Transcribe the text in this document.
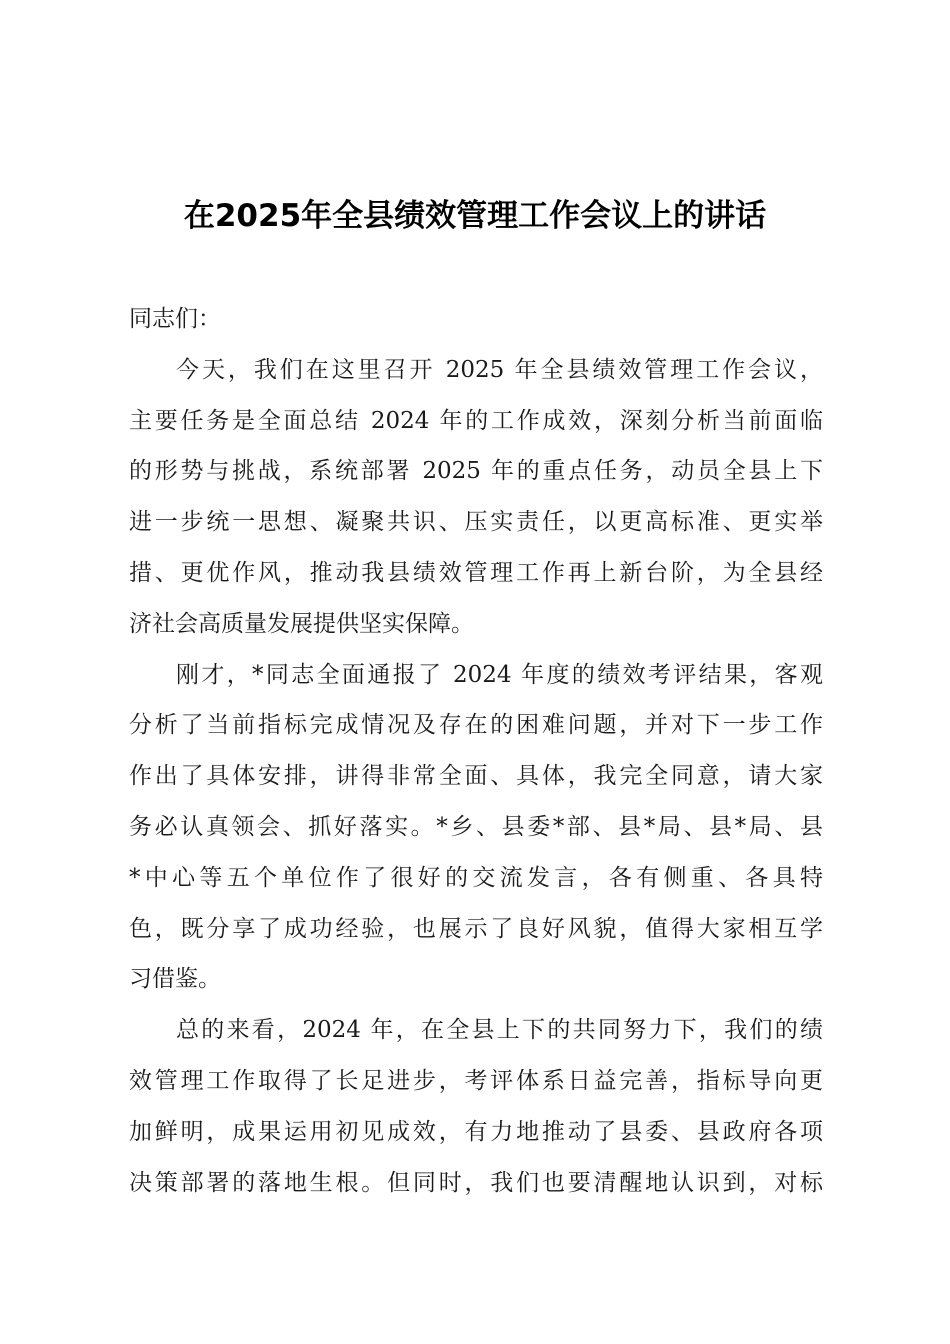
在2025年全县绩效管理工作会议上的讲话
同志们：
今天，我们在这里召开 2025 年全县绩效管理工作会议，
主要任务是全面总结 2024 年的工作成效，深刻分析当前面临
的形势与挑战，系统部署 2025 年的重点任务，动员全县上下
进一步统一思想、凝聚共识、压实责任，以更高标准、更实举
措、更优作风，推动我县绩效管理工作再上新台阶，为全县经
济社会高质量发展提供坚实保障。
刚才，*同志全面通报了 2024 年度的绩效考评结果，客观
分析了当前指标完成情况及存在的困难问题，并对下一步工作
作出了具体安排，讲得非常全面、具体，我完全同意，请大家
务必认真领会、抓好落实。*乡、县委*部、县*局、县*局、县
*中心等五个单位作了很好的交流发言，各有侧重、各具特
色，既分享了成功经验，也展示了良好风貌，值得大家相互学
习借鉴。
总的来看，2024 年，在全县上下的共同努力下，我们的绩
效管理工作取得了长足进步，考评体系日益完善，指标导向更
加鲜明，成果运用初见成效，有力地推动了县委、县政府各项
决策部署的落地生根。但同时，我们也要清醒地认识到，对标
